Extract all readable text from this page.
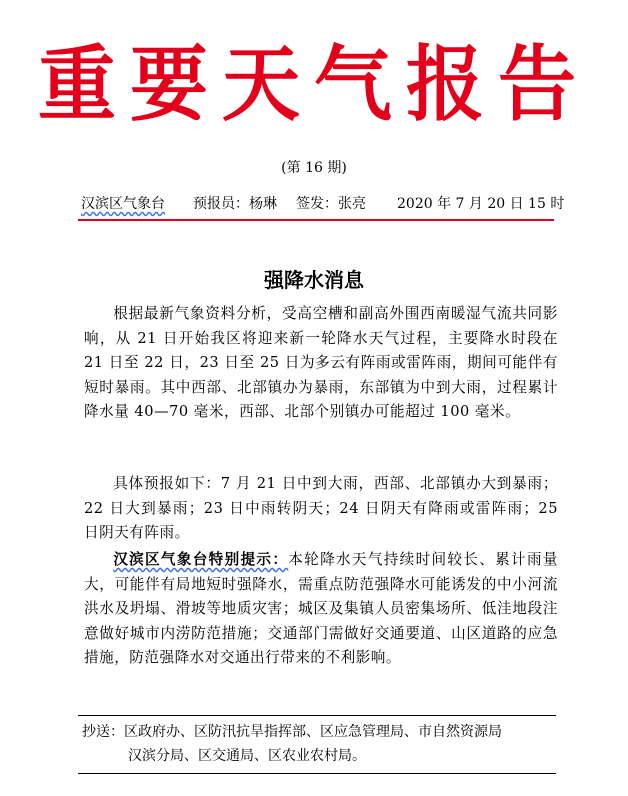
重要天气报告
(第 16 期)
汉滨区气象台 预报员：杨琳 签发：张亮 2020 年 7 月 20 日 15 时
强降水消息
根据最新气象资料分析，受高空槽和副高外围西南暖湿气流共同影响，从 21 日开始我区将迎来新一轮降水天气过程，主要降水时段在 21 日至 22 日，23 日至 25 日为多云有阵雨或雷阵雨，期间可能伴有短时暴雨。其中西部、北部镇办为暴雨，东部镇为中到大雨，过程累计降水量 40—70 毫米，西部、北部个别镇办可能超过 100 毫米。
具体预报如下：7 月 21 日中到大雨，西部、北部镇办大到暴雨；22 日大到暴雨；23 日中雨转阴天；24 日阴天有降雨或雷阵雨；25 日阴天有阵雨。
汉滨区气象台特别提示：本轮降水天气持续时间较长、累计雨量大，可能伴有局地短时强降水，需重点防范强降水可能诱发的中小河流洪水及坍塌、滑坡等地质灾害；城区及集镇人员密集场所、低洼地段注意做好城市内涝防范措施；交通部门需做好交通要道、山区道路的应急措施，防范强降水对交通出行带来的不利影响。
抄送：区政府办、区防汛抗旱指挥部、区应急管理局、市自然资源局
汉滨分局、区交通局、区农业农村局。
